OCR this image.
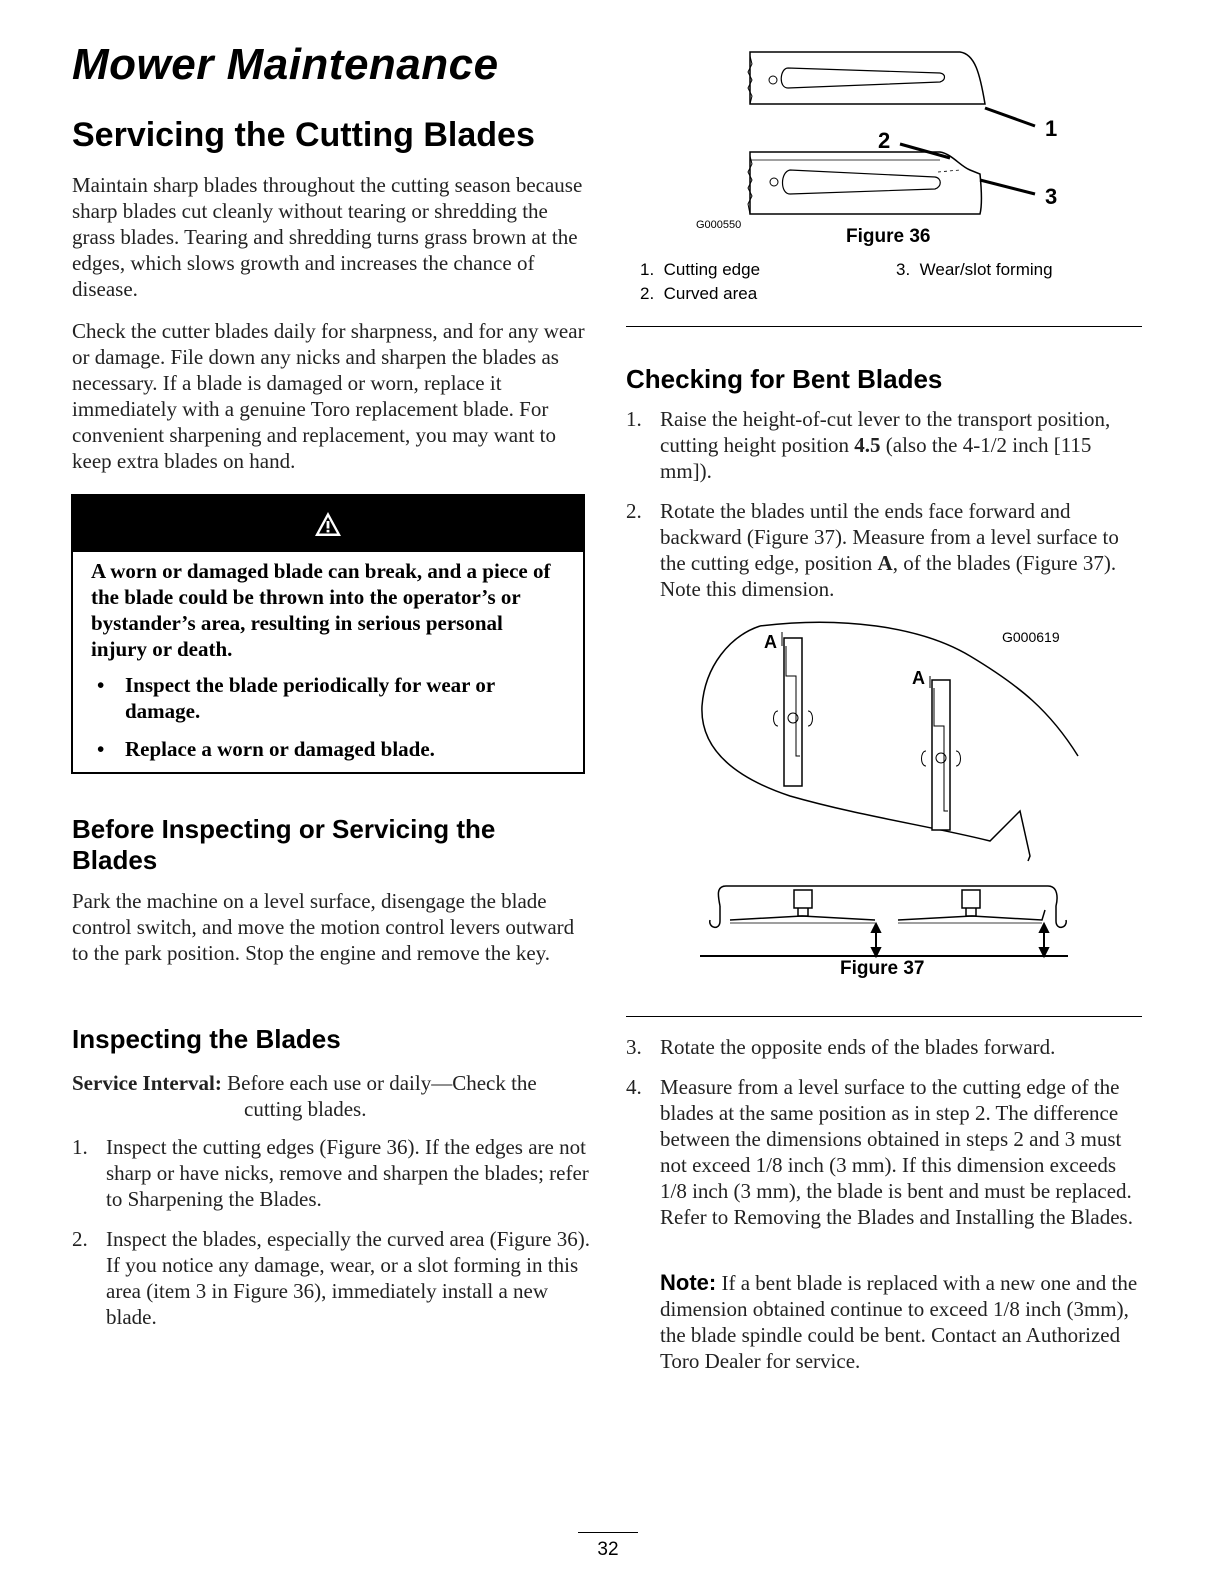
Mower Maintenance
Servicing the Cutting Blades

Maintain sharp blades throughout the cutting season because sharp blades cut cleanly without tearing or shredding the grass blades. Tearing and shredding turns grass brown at the edges, which slows growth and increases the chance of disease.

Check the cutter blades daily for sharpness, and for any wear or damage. File down any nicks and sharpen the blades as necessary. If a blade is damaged or worn, replace it immediately with a genuine Toro replacement blade. For convenient sharpening and replacement, you may want to keep extra blades on hand.

A worn or damaged blade can break, and a piece of the blade could be thrown into the operator’s or bystander’s area, resulting in serious personal injury or death.

• Inspect the blade periodically for wear or damage.
• Replace a worn or damaged blade.
Before Inspecting or Servicing the Blades

Park the machine on a level surface, disengage the blade control switch, and move the motion control levers outward to the park position. Stop the engine and remove the key.

Inspecting the Blades

Service Interval: Before each use or daily—Check the
cutting blades.

1. Inspect the cutting edges (Figure 36). If the edges are not sharp or have nicks, remove and sharpen the blades; refer to Sharpening the Blades.
2. Inspect the blades, especially the curved area (Figure 36). If you notice any damage, wear, or a slot forming in this area (item 3 in Figure 36), immediately install a new blade.
1
2
3
G000550
Figure 36
1. Cutting edge
2. Curved area
3. Wear/slot forming
Checking for Bent Blades
1. Raise the height-of-cut lever to the transport position, cutting height position 4.5 (also the 4-1/2 inch [115 mm]).
2. Rotate the blades until the ends face forward and backward (Figure 37). Measure from a level surface to the cutting edge, position A, of the blades (Figure 37). Note this dimension.
A
A
G000619
Figure 37
3. Rotate the opposite ends of the blades forward.
4. Measure from a level surface to the cutting edge of the blades at the same position as in step 2. The difference between the dimensions obtained in steps 2 and 3 must not exceed 1/8 inch (3 mm). If this dimension exceeds 1/8 inch (3 mm), the blade is bent and must be replaced. Refer to Removing the Blades and Installing the Blades.

Note: If a bent blade is replaced with a new one and the dimension obtained continue to exceed 1/8 inch (3mm), the blade spindle could be bent. Contact an Authorized Toro Dealer for service.

32
